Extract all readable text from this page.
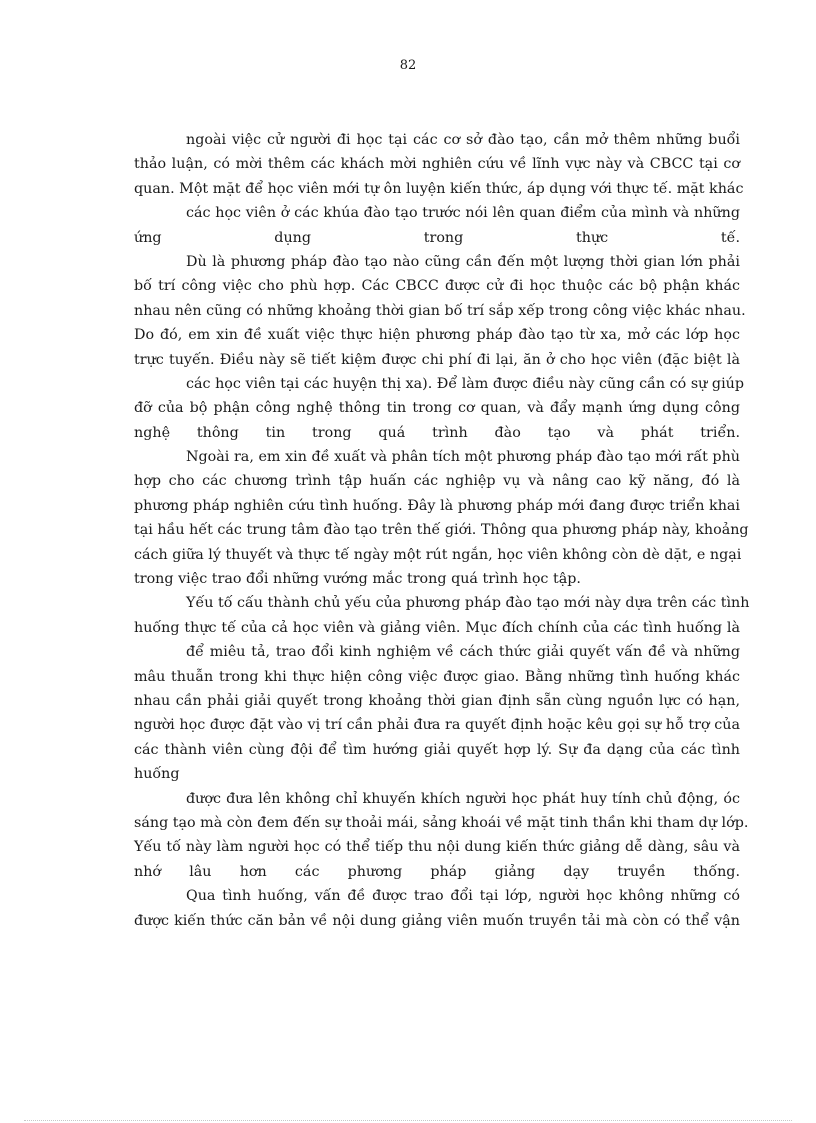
82
ngoài việc cử người đi học tại các cơ sở đào tạo, cần mở thêm những buổi
thảo luận, có mời thêm các khách mời nghiên cứu về lĩnh vực này và CBCC tại cơ
quan. Một mặt để học viên mới tự ôn luyện kiến thức, áp dụng với thực tế. mặt khác
các học viên ở các khúa đào tạo trước nói lên quan điểm của mình và những
ứng dụng trong thực tế.
Dù là phương pháp đào tạo nào cũng cần đến một lượng thời gian lớn phải
bố trí công việc cho phù hợp. Các CBCC được cử đi học thuộc các bộ phận khác
nhau nên cũng có những khoảng thời gian bố trí sắp xếp trong công việc khác nhau.
Do đó, em xin đề xuất việc thực hiện phương pháp đào tạo từ xa, mở các lớp học
trực tuyến. Điều này sẽ tiết kiệm được chi phí đi lại, ăn ở cho học viên (đặc biệt là
các học viên tại các huyện thị xa). Để làm được điều này cũng cần có sự giúp
đỡ của bộ phận công nghệ thông tin trong cơ quan, và đẩy mạnh ứng dụng công
nghệ thông tin trong quá trình đào tạo và phát triển.
Ngoài ra, em xin đề xuất và phân tích một phương pháp đào tạo mới rất phù
hợp cho các chương trình tập huấn các nghiệp vụ và nâng cao kỹ năng, đó là
phương pháp nghiên cứu tình huống. Đây là phương pháp mới đang được triển khai
tại hầu hết các trung tâm đào tạo trên thế giới. Thông qua phương pháp này, khoảng
cách giữa lý thuyết và thực tế ngày một rút ngắn, học viên không còn dè dặt, e ngại
trong việc trao đổi những vướng mắc trong quá trình học tập.
Yếu tố cấu thành chủ yếu của phương pháp đào tạo mới này dựa trên các tình
huống thực tế của cả học viên và giảng viên. Mục đích chính của các tình huống là
để miêu tả, trao đổi kinh nghiệm về cách thức giải quyết vấn đề và những
mâu thuẫn trong khi thực hiện công việc được giao. Bằng những tình huống khác
nhau cần phải giải quyết trong khoảng thời gian định sẵn cùng nguồn lực có hạn,
người học được đặt vào vị trí cần phải đưa ra quyết định hoặc kêu gọi sự hỗ trợ của
các thành viên cùng đội để tìm hướng giải quyết hợp lý. Sự đa dạng của các tình
huống
được đưa lên không chỉ khuyến khích người học phát huy tính chủ động, óc
sáng tạo mà còn đem đến sự thoải mái, sảng khoái về mặt tinh thần khi tham dự lớp.
Yếu tố này làm người học có thể tiếp thu nội dung kiến thức giảng dễ dàng, sâu và
nhớ lâu hơn các phương pháp giảng dạy truyền thống.
Qua tình huống, vấn đề được trao đổi tại lớp, người học không những có
được kiến thức căn bản về nội dung giảng viên muốn truyền tải mà còn có thể vận
